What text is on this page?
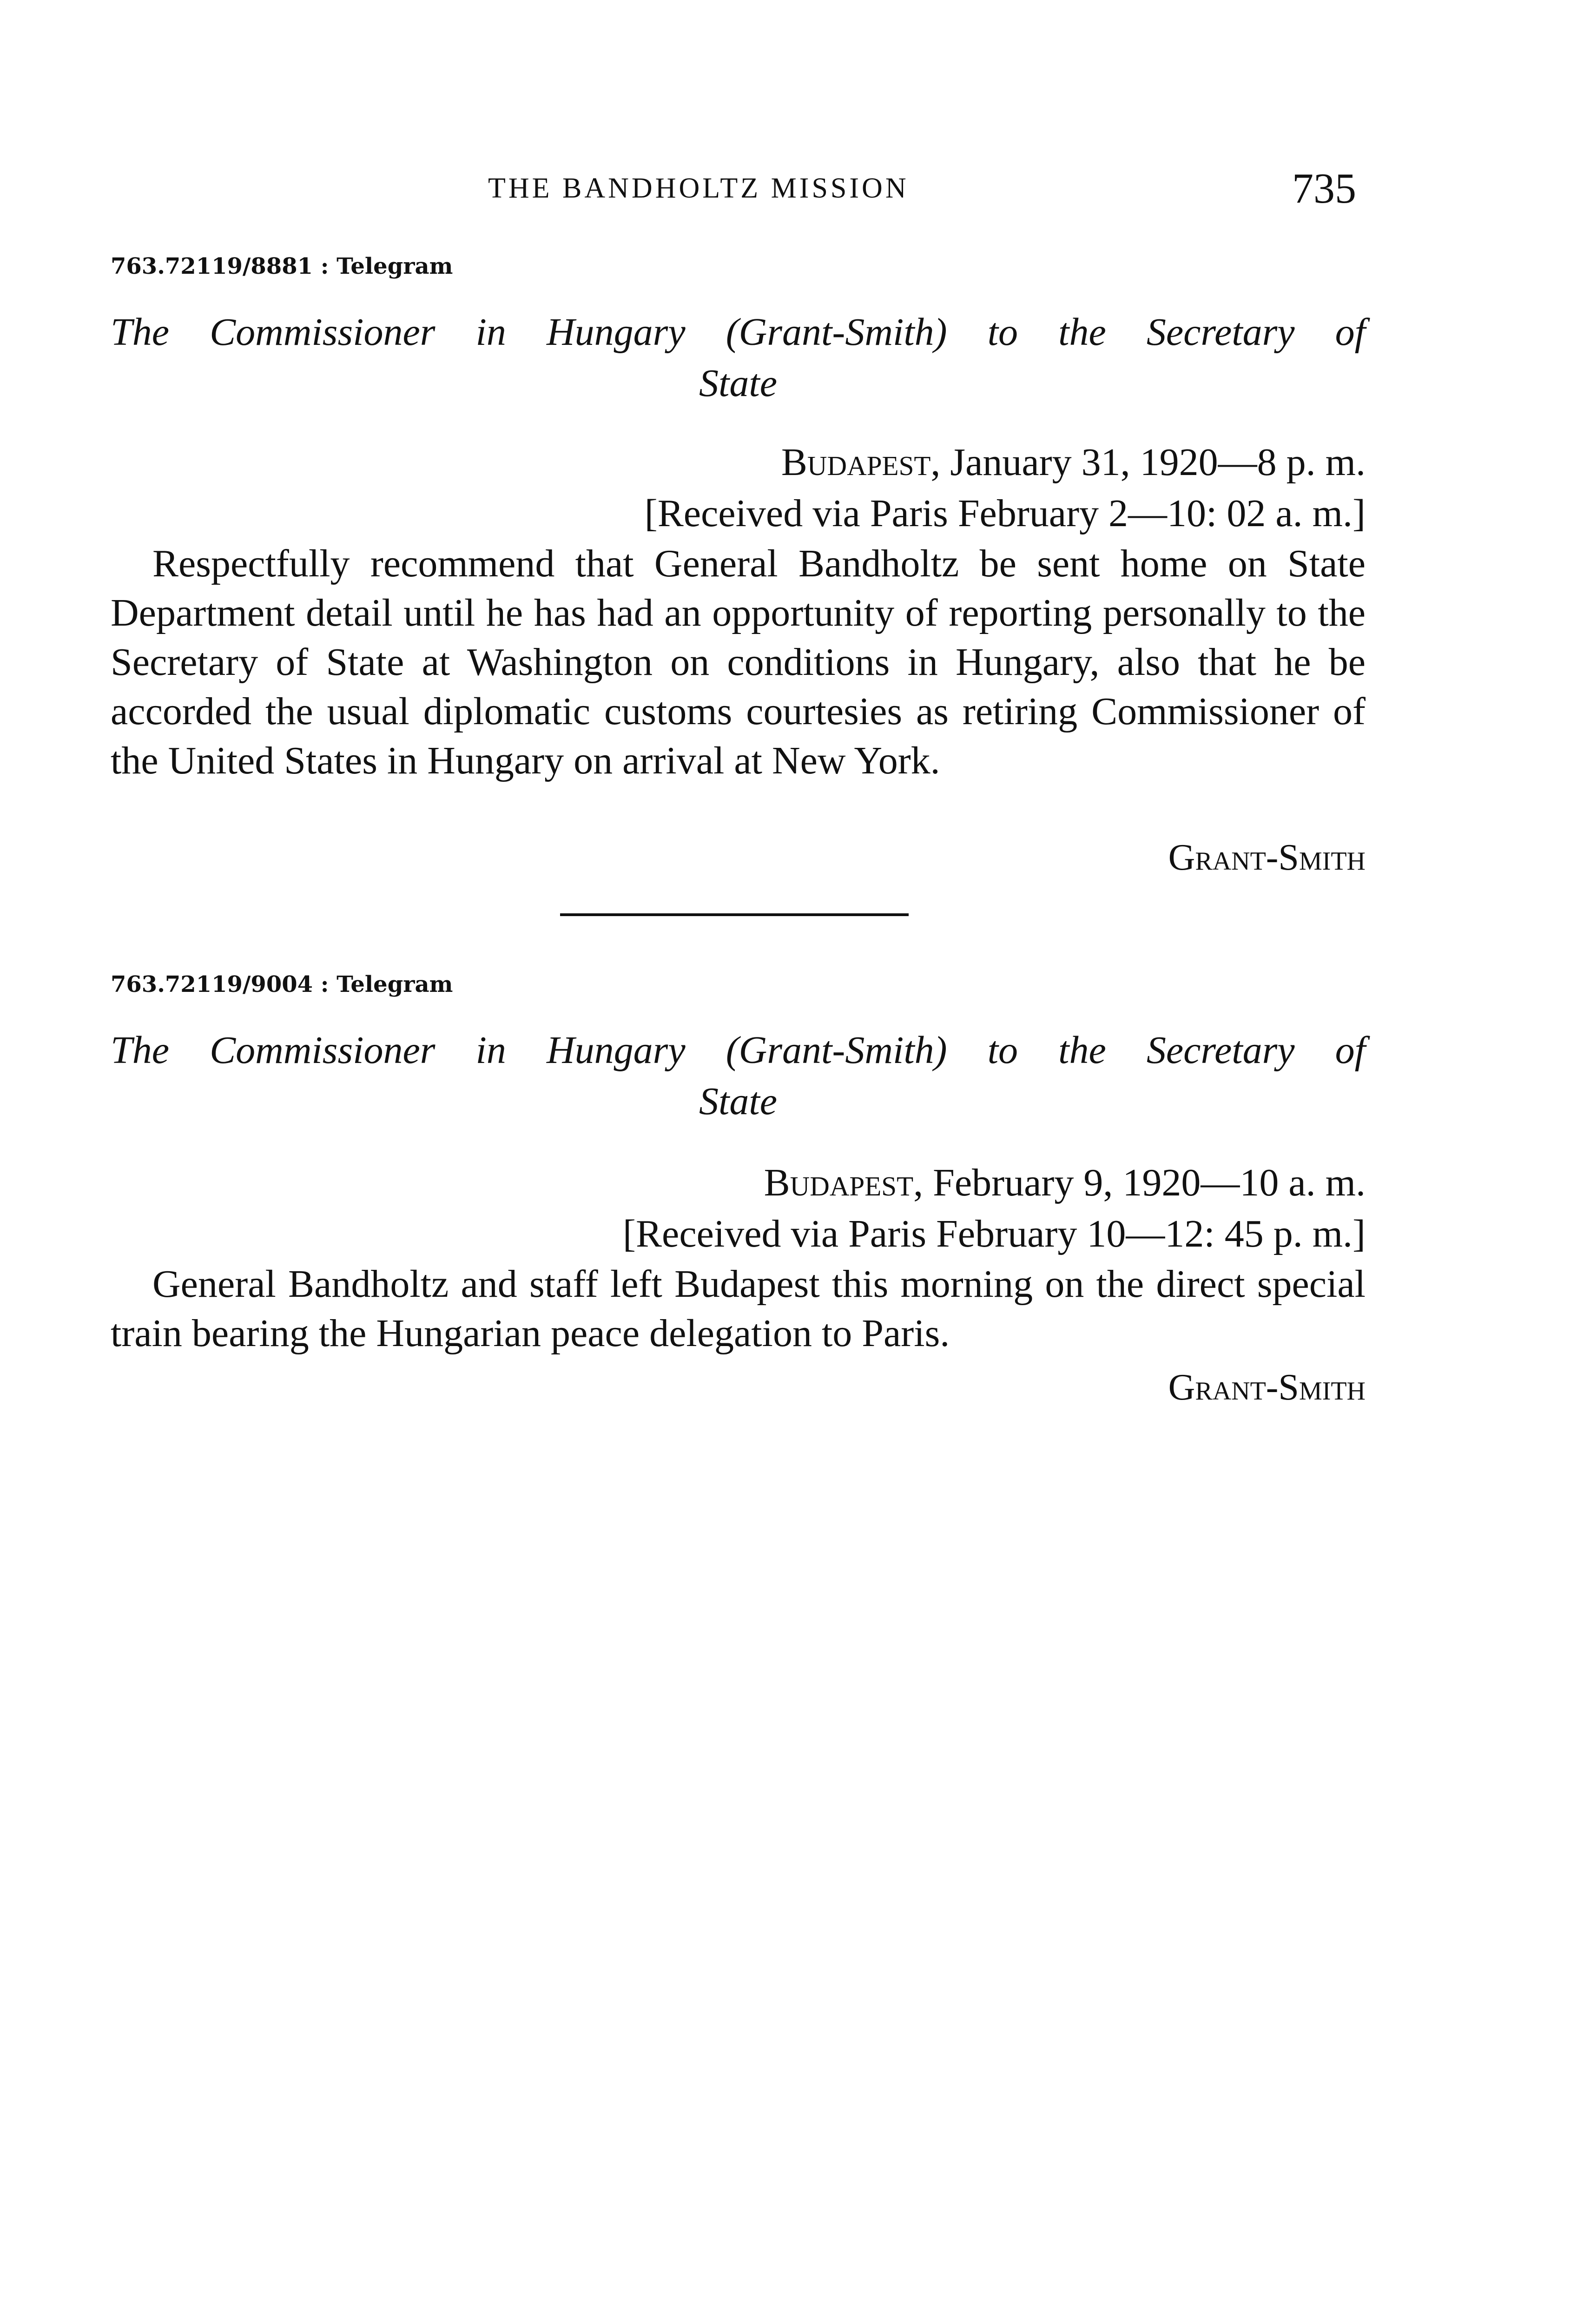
THE BANDHOLTZ MISSION	735
763.72119/8881 : Telegram
The Commissioner in Hungary (Grant-Smith) to the Secretary of
State
Budapest, January 31, 1920—8 p. m.
[Received via Paris February 2—10: 02 a. m.]
Respectfully recommend that General Bandholtz be sent home on State Department detail until he has had an opportunity of reporting personally to the Secretary of State at Washington on conditions in Hungary, also that he be accorded the usual diplomatic customs courtesies as retiring Commissioner of the United States in Hungary on arrival at New York.
Grant-Smith
763.72119/9004 : Telegram
The Commissioner in Hungary (Grant-Smith) to the Secretary of
State
Budapest, February 9, 1920—10 a. m.
[Received via Paris February 10—12: 45 p. m.]
General Bandholtz and staff left Budapest this morning on the direct special train bearing the Hungarian peace delegation to Paris.
Grant-Smith
